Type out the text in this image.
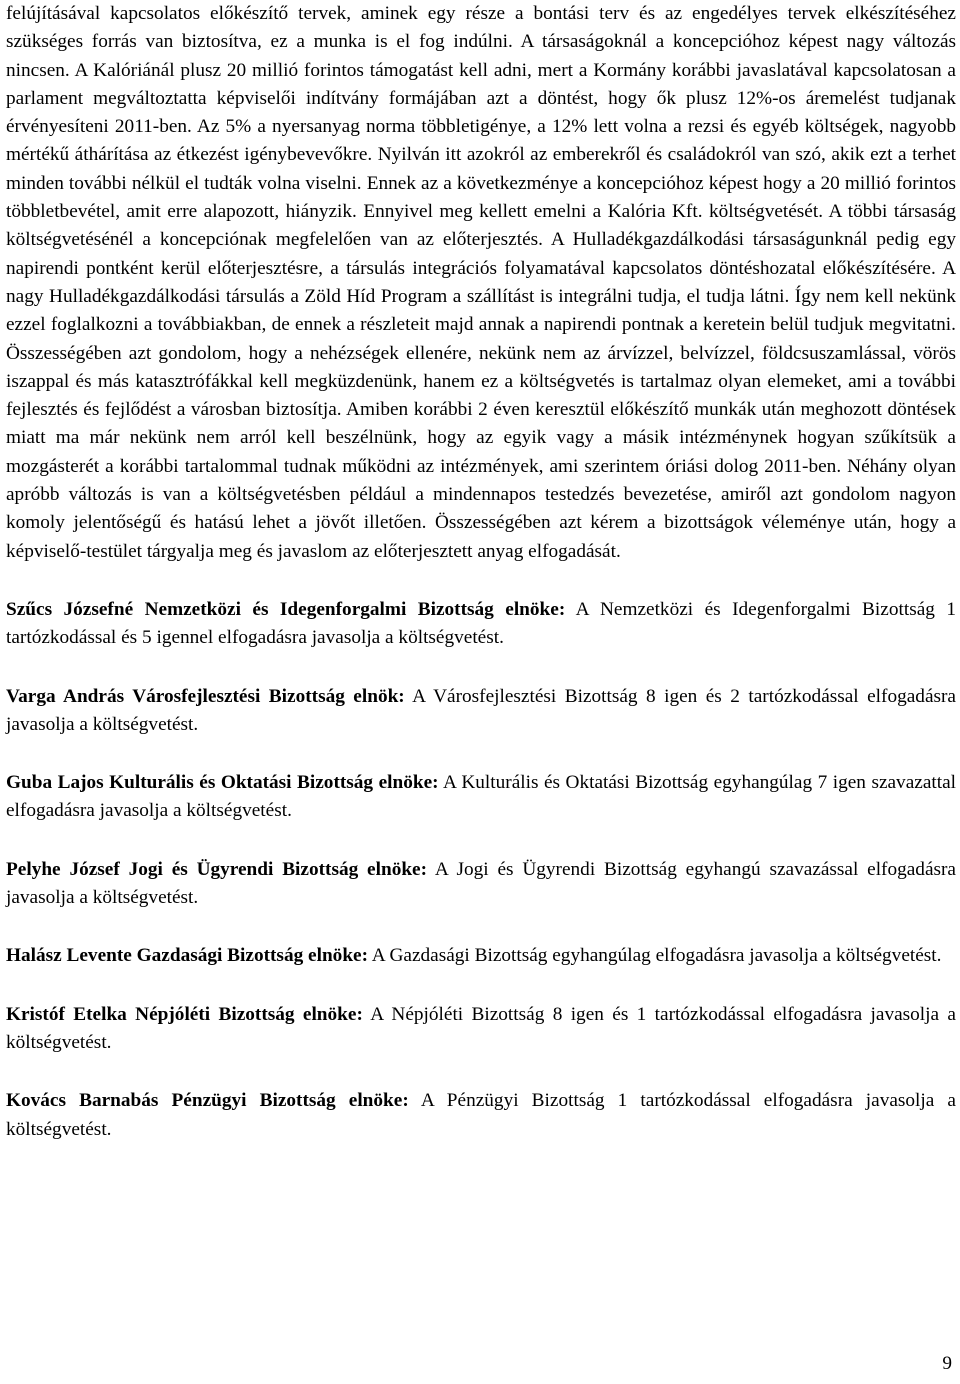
felújításával kapcsolatos előkészítő tervek, aminek egy része a bontási terv és az engedélyes tervek elkészítéséhez szükséges forrás van biztosítva, ez a munka is el fog indúlni. A társaságoknál a koncepcióhoz képest nagy változás nincsen. A Kalóriánál plusz 20 millió forintos támogatást kell adni, mert a Kormány korábbi javaslatával kapcsolatosan a parlament megváltoztatta képviselői indítvány formájában azt a döntést, hogy ők plusz 12%-os áremelést tudjanak érvényesíteni 2011-ben. Az 5% a nyersanyag norma többletigénye, a 12% lett volna a rezsi és egyéb költségek, nagyobb mértékű áthárítása az étkezést igénybevevőkre. Nyilván itt azokról az emberekről és családokról van szó, akik ezt a terhet minden további nélkül el tudták volna viselni. Ennek az a következménye a koncepcióhoz képest hogy a 20 millió forintos többletbevétel, amit erre alapozott, hiányzik. Ennyivel meg kellett emelni a Kalória Kft. költségvetését. A többi társaság költségvetésénél a koncepciónak megfelelően van az előterjesztés. A Hulladékgazdálkodási társaságunknál pedig egy napirendi pontként kerül előterjesztésre, a társulás integrációs folyamatával kapcsolatos döntéshozatal előkészítésére. A nagy Hulladékgazdálkodási társulás a Zöld Híd Program a szállítást is integrálni tudja, el tudja látni. Így nem kell nekünk ezzel foglalkozni a továbbiakban, de ennek a részleteit majd annak a napirendi pontnak a keretein belül tudjuk megvitatni. Összességében azt gondolom, hogy a nehézségek ellenére, nekünk nem az árvízzel, belvízzel, földcsuszamlással, vörös iszappal és más katasztrófákkal kell megküzdenünk, hanem ez a költségvetés is tartalmaz olyan elemeket, ami a további fejlesztés és fejlődést a városban biztosítja. Amiben korábbi 2 éven keresztül előkészítő munkák után meghozott döntések miatt ma már nekünk nem arról kell beszélnünk, hogy az egyik vagy a másik intézménynek hogyan szűkítsük a mozgásterét a korábbi tartalommal tudnak működni az intézmények, ami szerintem óriási dolog 2011-ben. Néhány olyan apróbb változás is van a költségvetésben például a mindennapos testedzés bevezetése, amiről azt gondolom nagyon komoly jelentőségű és hatású lehet a jövőt illetően. Összességében azt kérem a bizottságok véleménye után, hogy a képviselő-testület tárgyalja meg és javaslom az előterjesztett anyag elfogadását.

Szűcs Józsefné Nemzetközi és Idegenforgalmi Bizottság elnöke: A Nemzetközi és Idegenforgalmi Bizottság 1 tartózkodással és 5 igennel elfogadásra javasolja a költségvetést.

Varga András Városfejlesztési Bizottság elnök: A Városfejlesztési Bizottság 8 igen és 2 tartózkodással elfogadásra javasolja a költségvetést.

Guba Lajos Kulturális és Oktatási Bizottság elnöke: A Kulturális és Oktatási Bizottság egyhangúlag 7 igen szavazattal elfogadásra javasolja a költségvetést.

Pelyhe József Jogi és Ügyrendi Bizottság elnöke: A Jogi és Ügyrendi Bizottság egyhangú szavazással elfogadásra javasolja a költségvetést.

Halász Levente Gazdasági Bizottság elnöke: A Gazdasági Bizottság egyhangúlag elfogadásra javasolja a költségvetést.

Kristóf Etelka Népjóléti Bizottság elnöke: A Népjóléti Bizottság 8 igen és 1 tartózkodással elfogadásra javasolja a költségvetést.

Kovács Barnabás Pénzügyi Bizottság elnöke: A Pénzügyi Bizottság 1 tartózkodással elfogadásra javasolja a költségvetést.

9
